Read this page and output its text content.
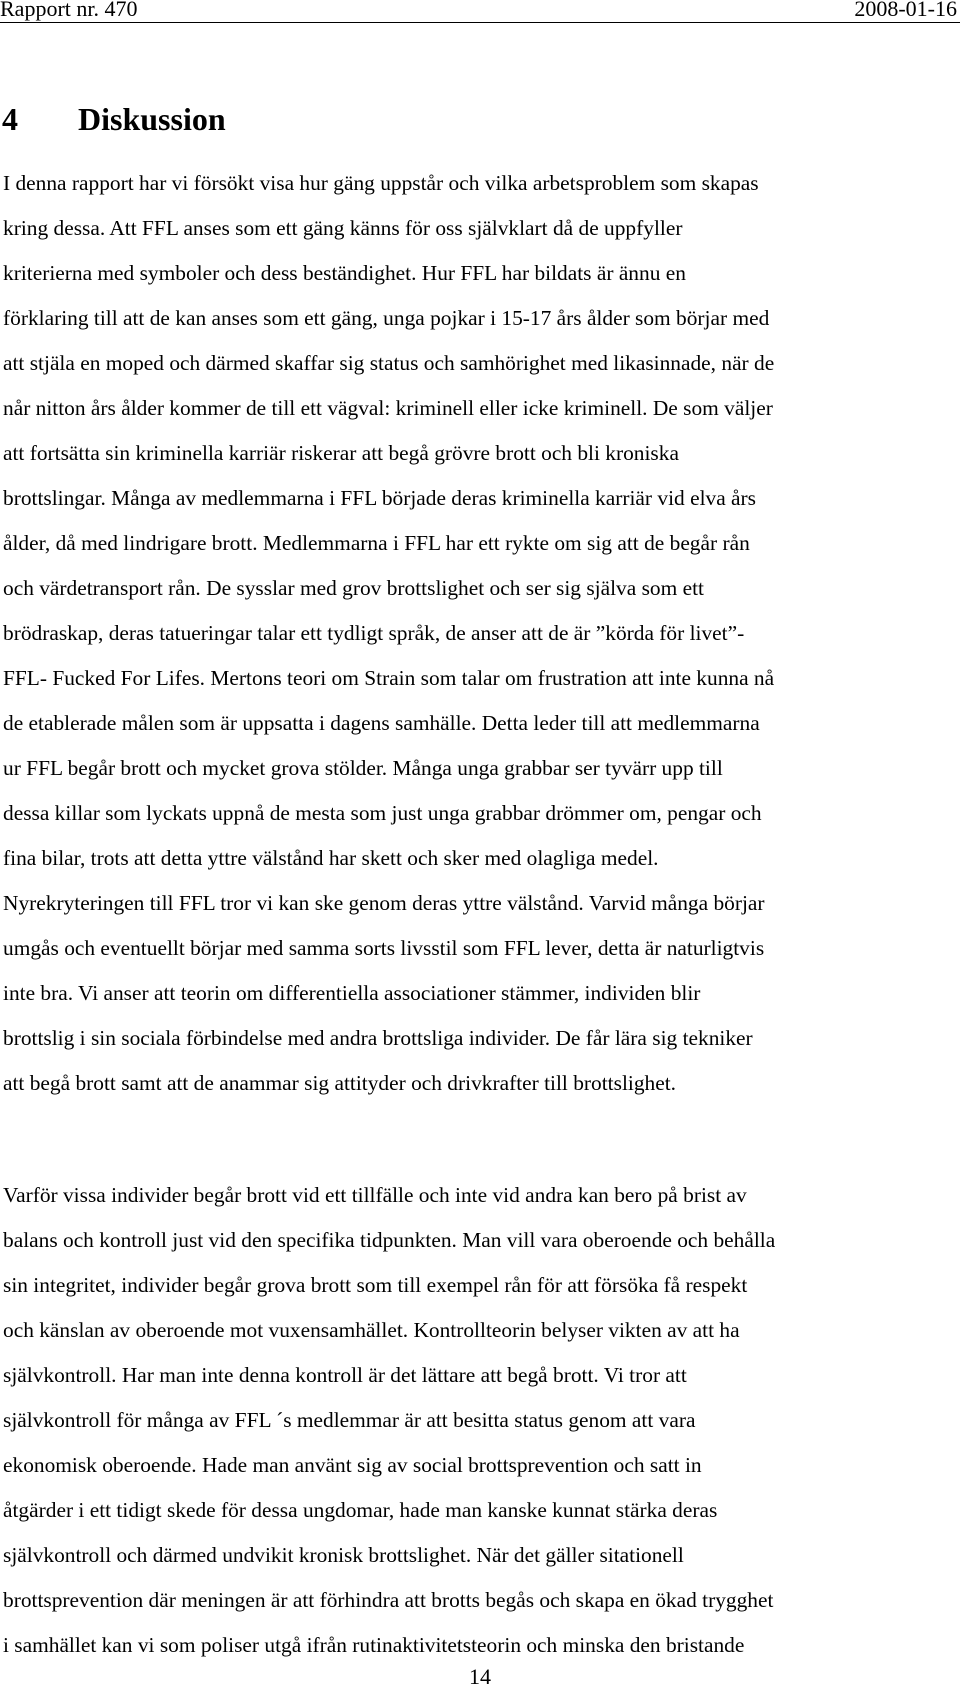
Rapport nr. 470	2008-01-16
4 Diskussion
I denna rapport har vi försökt visa hur gäng uppstår och vilka arbetsproblem som skapas
kring dessa. Att FFL anses som ett gäng känns för oss självklart då de uppfyller
kriterierna med symboler och dess beständighet. Hur FFL har bildats är ännu en
förklaring till att de kan anses som ett gäng, unga pojkar i 15-17 års ålder som börjar med
att stjäla en moped och därmed skaffar sig status och samhörighet med likasinnade, när de
når nitton års ålder kommer de till ett vägval: kriminell eller icke kriminell. De som väljer
att fortsätta sin kriminella karriär riskerar att begå grövre brott och bli kroniska
brottslingar. Många av medlemmarna i FFL började deras kriminella karriär vid elva års
ålder, då med lindrigare brott. Medlemmarna i FFL har ett rykte om sig att de begår rån
och värdetransport rån. De sysslar med grov brottslighet och ser sig själva som ett
brödraskap, deras tatueringar talar ett tydligt språk, de anser att de är ”körda för livet”-
FFL- Fucked For Lifes. Mertons teori om Strain som talar om frustration att inte kunna nå
de etablerade målen som är uppsatta i dagens samhälle. Detta leder till att medlemmarna
ur FFL begår brott och mycket grova stölder. Många unga grabbar ser tyvärr upp till
dessa killar som lyckats uppnå de mesta som just unga grabbar drömmer om, pengar och
fina bilar, trots att detta yttre välstånd har skett och sker med olagliga medel.
Nyrekryteringen till FFL tror vi kan ske genom deras yttre välstånd. Varvid många börjar
umgås och eventuellt börjar med samma sorts livsstil som FFL lever, detta är naturligtvis
inte bra. Vi anser att teorin om differentiella associationer stämmer, individen blir
brottslig i sin sociala förbindelse med andra brottsliga individer. De får lära sig tekniker
att begå brott samt att de anammar sig attityder och drivkrafter till brottslighet.
Varför vissa individer begår brott vid ett tillfälle och inte vid andra kan bero på brist av
balans och kontroll just vid den specifika tidpunkten. Man vill vara oberoende och behålla
sin integritet, individer begår grova brott som till exempel rån för att försöka få respekt
och känslan av oberoende mot vuxensamhället. Kontrollteorin belyser vikten av att ha
självkontroll. Har man inte denna kontroll är det lättare att begå brott. Vi tror att
självkontroll för många av FFL ´s medlemmar är att besitta status genom att vara
ekonomisk oberoende. Hade man använt sig av social brottsprevention och satt in
åtgärder i ett tidigt skede för dessa ungdomar, hade man kanske kunnat stärka deras
självkontroll och därmed undvikit kronisk brottslighet. När det gäller sitationell
brottsprevention där meningen är att förhindra att brotts begås och skapa en ökad trygghet
i samhället kan vi som poliser utgå ifrån rutinaktivitetsteorin och minska den bristande
14
